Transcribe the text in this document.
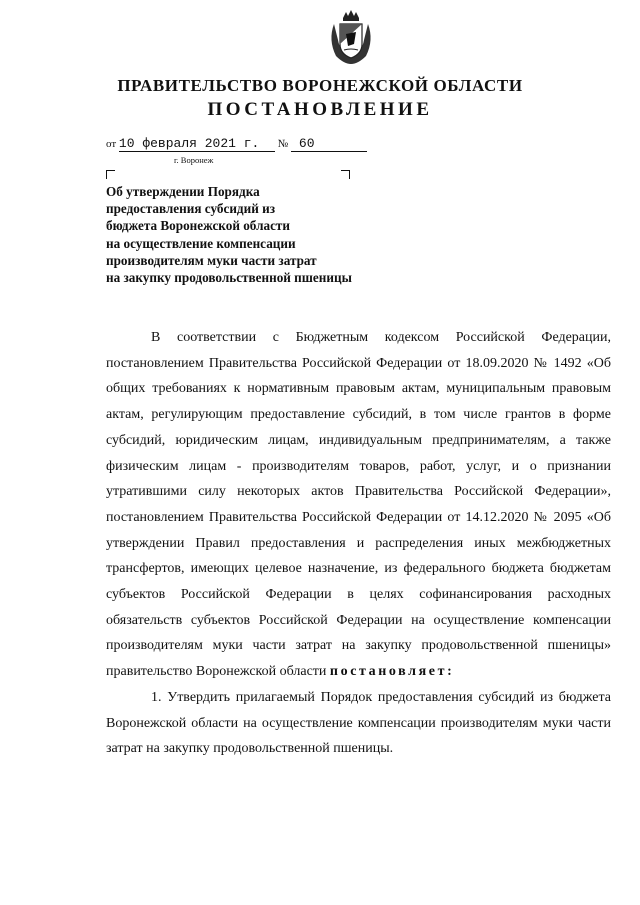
ПРАВИТЕЛЬСТВО ВОРОНЕЖСКОЙ ОБЛАСТИ
ПОСТАНОВЛЕНИЕ
от 10 февраля 2021 г. № 60
г. Воронеж
Об утверждении Порядка
предоставления субсидий из
бюджета Воронежской области
на осуществление компенсации
производителям муки части затрат
на закупку продовольственной пшеницы

В соответствии с Бюджетным кодексом Российской Федерации, постановлением Правительства Российской Федерации от 18.09.2020 № 1492 «Об общих требованиях к нормативным правовым актам, муниципальным правовым актам, регулирующим предоставление субсидий, в том числе грантов в форме субсидий, юридическим лицам, индивидуальным предпринимателям, а также физическим лицам - производителям товаров, работ, услуг, и о признании утратившими силу некоторых актов Правительства Российской Федерации», постановлением Правительства Российской Федерации от 14.12.2020 № 2095 «Об утверждении Правил предоставления и распределения иных межбюджетных трансфертов, имеющих целевое назначение, из федерального бюджета бюджетам субъектов Российской Федерации в целях софинансирования расходных обязательств субъектов Российской Федерации на осуществление компенсации производителям муки части затрат на закупку продовольственной пшеницы» правительство Воронежской области постановляет:

1. Утвердить прилагаемый Порядок предоставления субсидий из бюджета Воронежской области на осуществление компенсации производителям муки части затрат на закупку продовольственной пшеницы.
